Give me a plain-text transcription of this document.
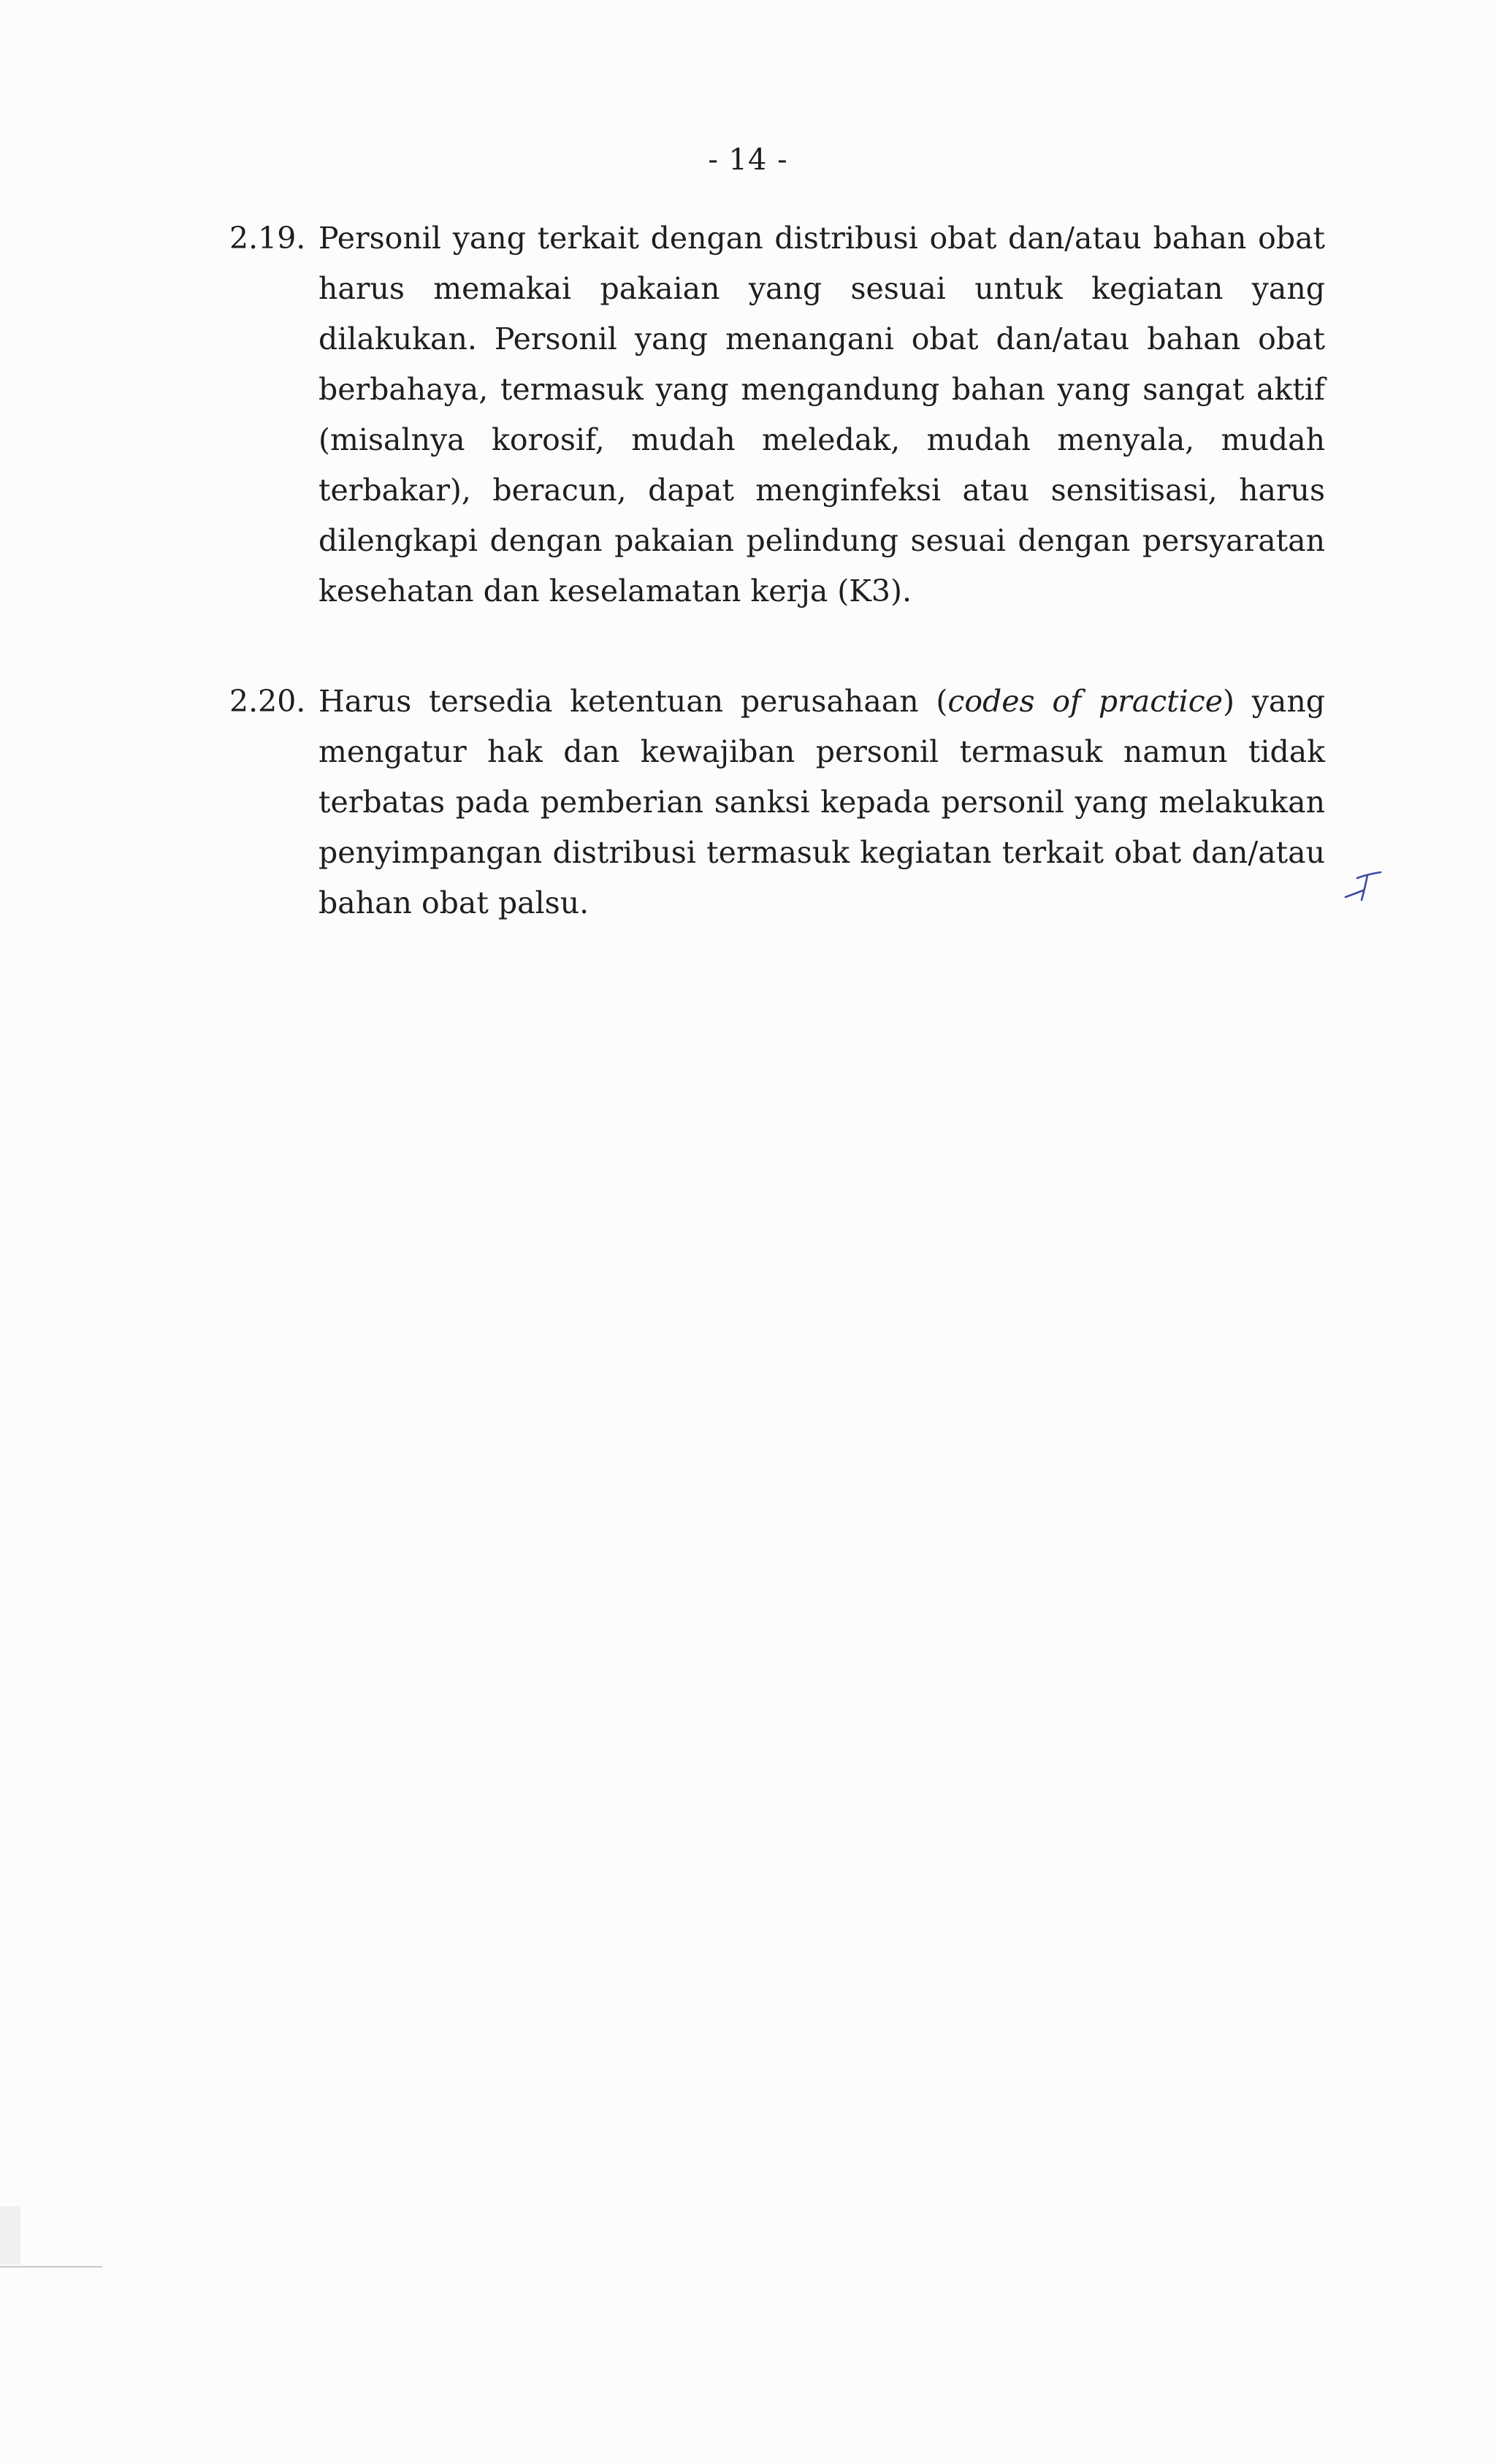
- 14 -
2.19. Personil yang terkait dengan distribusi obat dan/atau bahan obat harus memakai pakaian yang sesuai untuk kegiatan yang dilakukan. Personil yang menangani obat dan/atau bahan obat berbahaya, termasuk yang mengandung bahan yang sangat aktif (misalnya korosif, mudah meledak, mudah menyala, mudah terbakar), beracun, dapat menginfeksi atau sensitisasi, harus dilengkapi dengan pakaian pelindung sesuai dengan persyaratan kesehatan dan keselamatan kerja (K3).
2.20. Harus tersedia ketentuan perusahaan (codes of practice) yang mengatur hak dan kewajiban personil termasuk namun tidak terbatas pada pemberian sanksi kepada personil yang melakukan penyimpangan distribusi termasuk kegiatan terkait obat dan/atau bahan obat palsu.
